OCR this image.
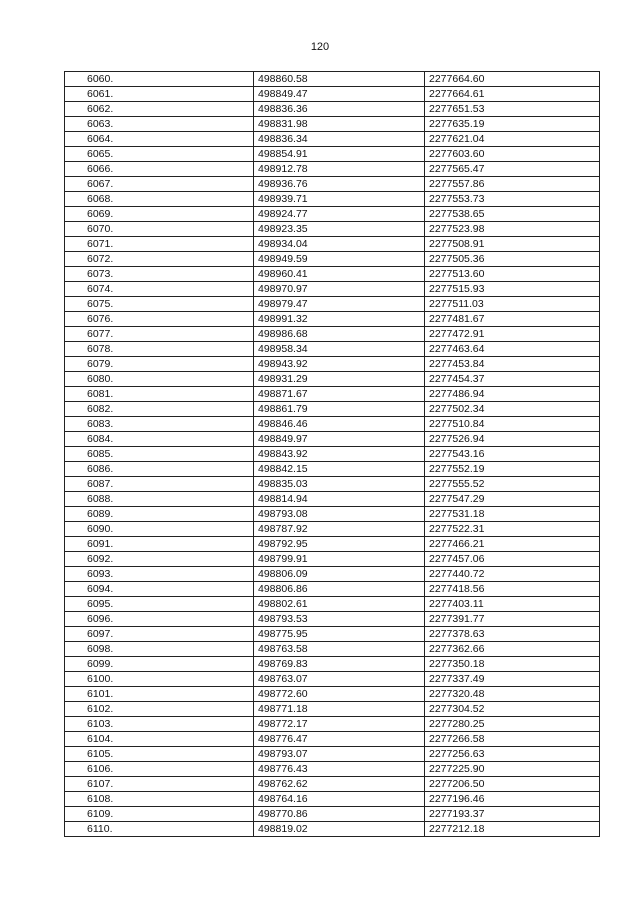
120
6060.	498860.58	2277664.60
6061.	498849.47	2277664.61
6062.	498836.36	2277651.53
6063.	498831.98	2277635.19
6064.	498836.34	2277621.04
6065.	498854.91	2277603.60
6066.	498912.78	2277565.47
6067.	498936.76	2277557.86
6068.	498939.71	2277553.73
6069.	498924.77	2277538.65
6070.	498923.35	2277523.98
6071.	498934.04	2277508.91
6072.	498949.59	2277505.36
6073.	498960.41	2277513.60
6074.	498970.97	2277515.93
6075.	498979.47	2277511.03
6076.	498991.32	2277481.67
6077.	498986.68	2277472.91
6078.	498958.34	2277463.64
6079.	498943.92	2277453.84
6080.	498931.29	2277454.37
6081.	498871.67	2277486.94
6082.	498861.79	2277502.34
6083.	498846.46	2277510.84
6084.	498849.97	2277526.94
6085.	498843.92	2277543.16
6086.	498842.15	2277552.19
6087.	498835.03	2277555.52
6088.	498814.94	2277547.29
6089.	498793.08	2277531.18
6090.	498787.92	2277522.31
6091.	498792.95	2277466.21
6092.	498799.91	2277457.06
6093.	498806.09	2277440.72
6094.	498806.86	2277418.56
6095.	498802.61	2277403.11
6096.	498793.53	2277391.77
6097.	498775.95	2277378.63
6098.	498763.58	2277362.66
6099.	498769.83	2277350.18
6100.	498763.07	2277337.49
6101.	498772.60	2277320.48
6102.	498771.18	2277304.52
6103.	498772.17	2277280.25
6104.	498776.47	2277266.58
6105.	498793.07	2277256.63
6106.	498776.43	2277225.90
6107.	498762.62	2277206.50
6108.	498764.16	2277196.46
6109.	498770.86	2277193.37
6110.	498819.02	2277212.18
